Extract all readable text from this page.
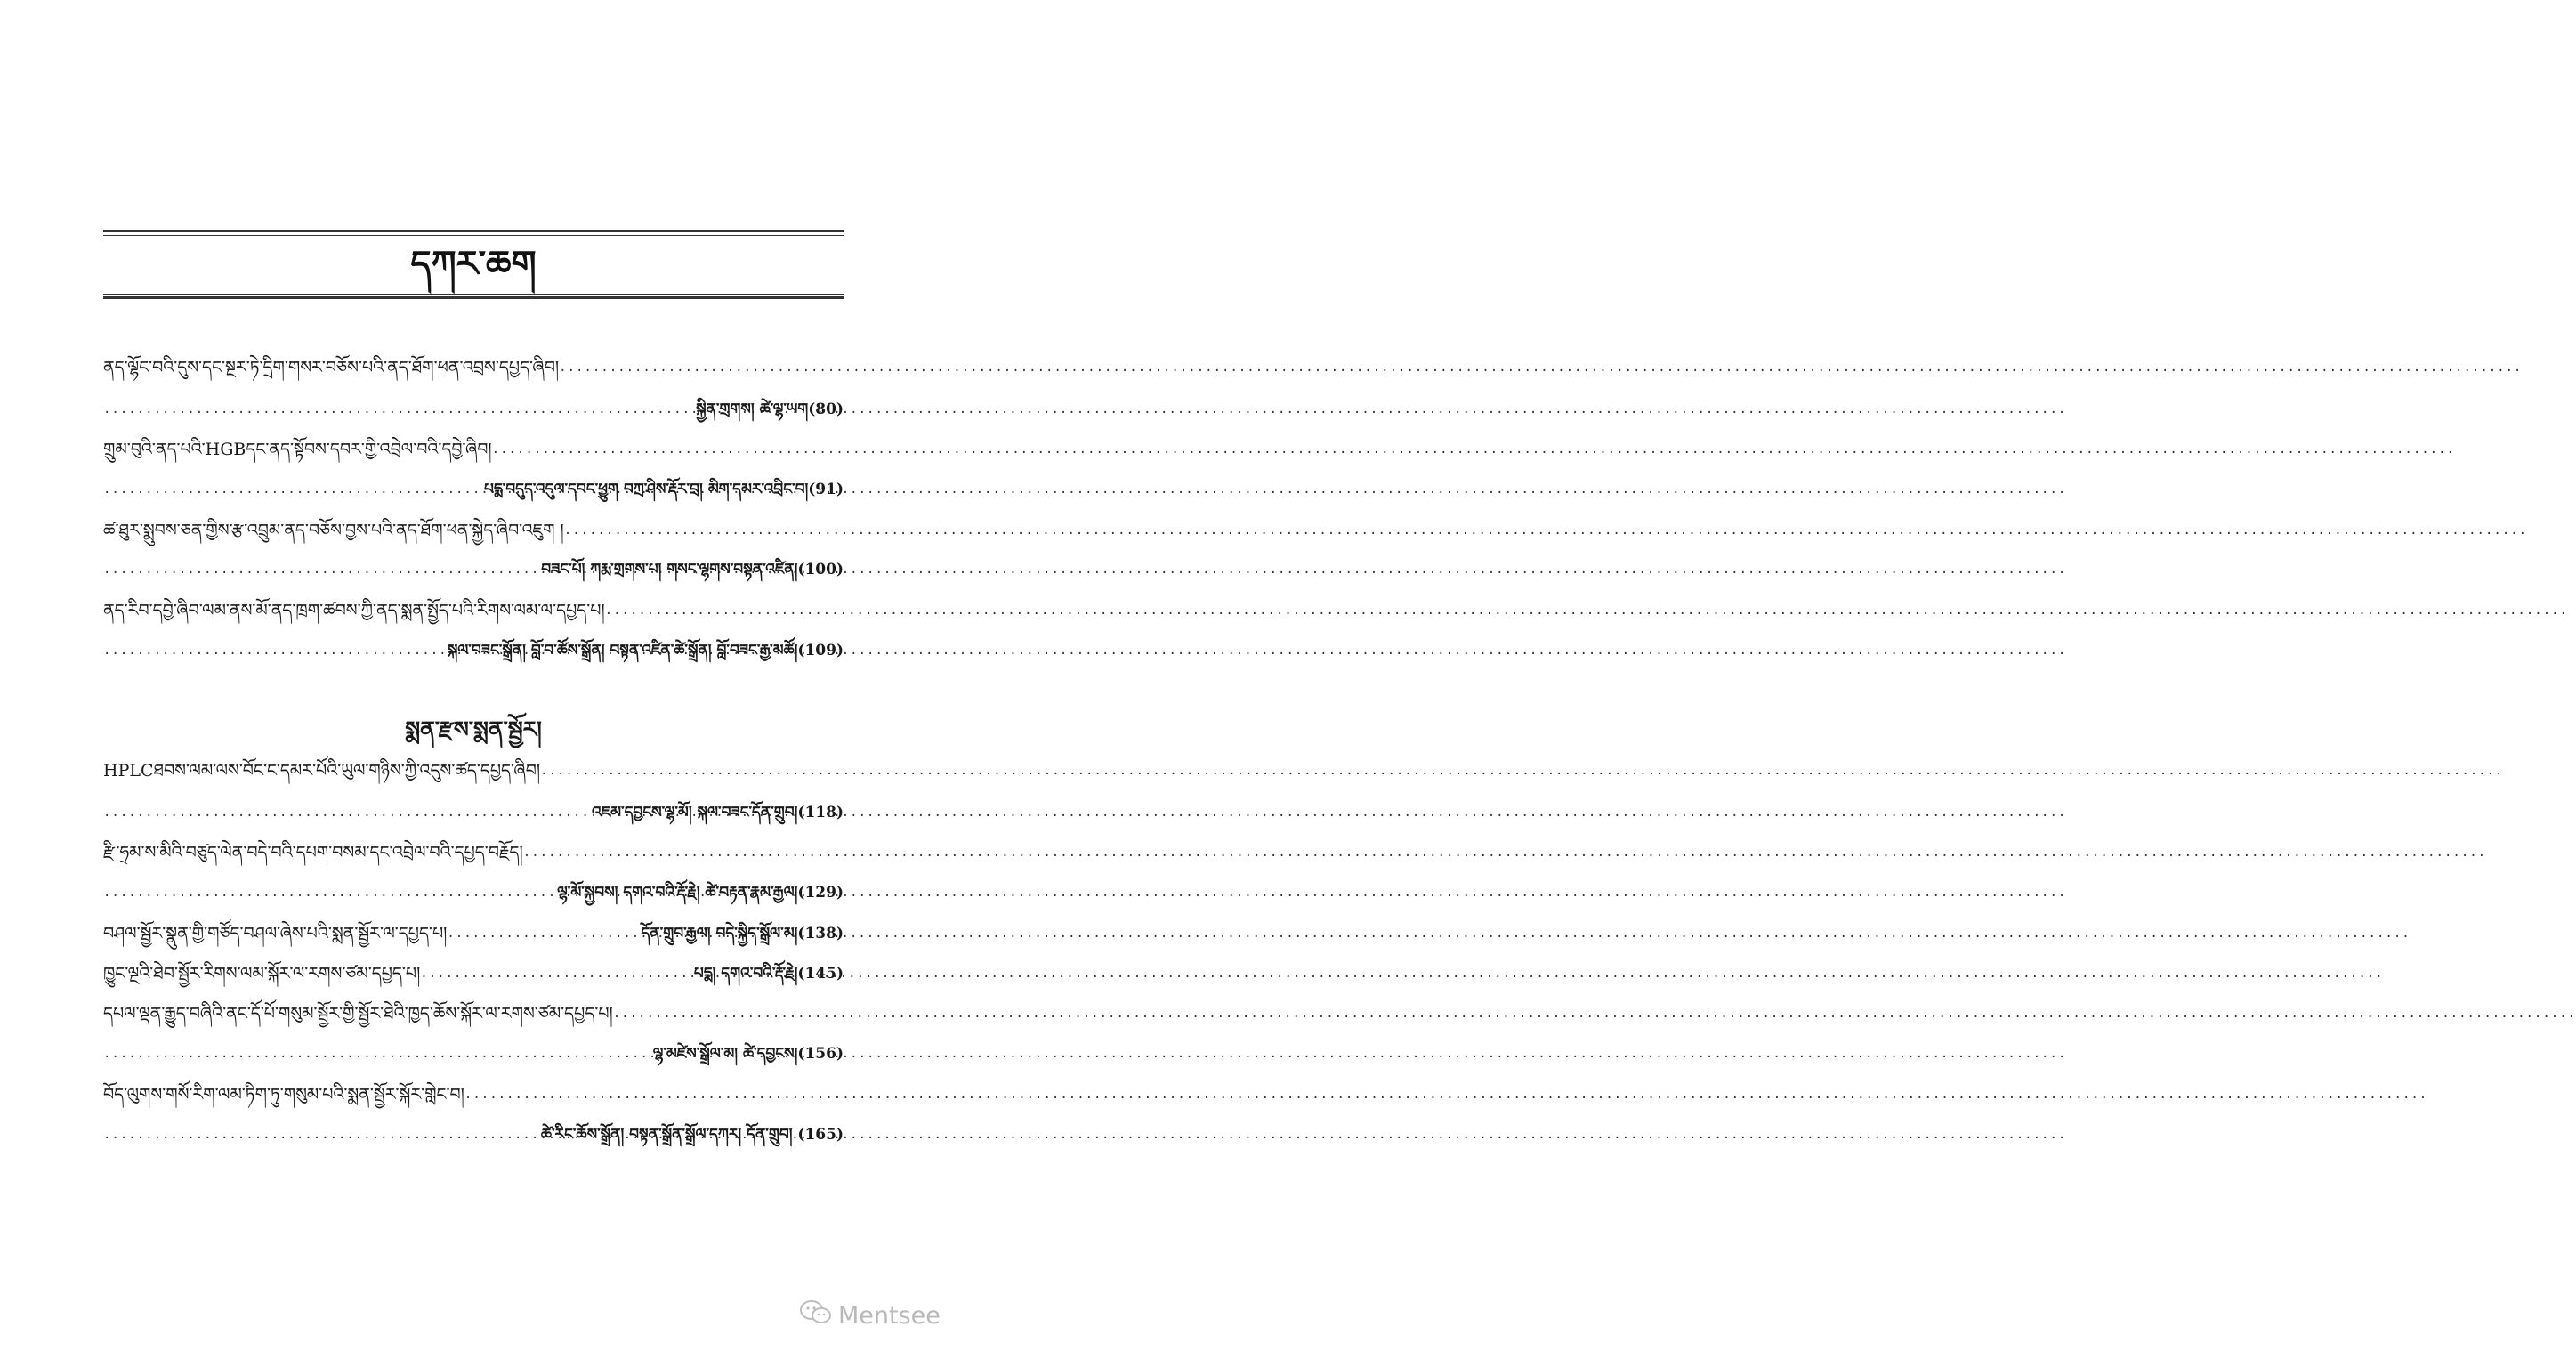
དཀར་ཆག
ནད་ལྷོང་བའི་དུས་དང་སྔར་ཏེ་དྲིག་གསར་བཅོས་པའི་ནད་ཐོག་ཕན་འབྲས་དཔྱད་ཞིབ།
.....
.....
སྐྱིན་གྲགས། ཚེ་ལྷ་ཡག(80)
གྲུམ་བུའི་ནད་པའི་HGBདང་ནད་སྟོབས་དབར་གྱི་འབྲེལ་བའི་དབྱེ་ཞིབ།
.....
.....
པདྨ་བདུད་འདུལ་དབང་ཕྱུག བཀྲ་ཤིས་རྡོར་བྲ། མིག་དམར་འབྲིང་བ།(91)
ཚ་ཐུར་སྨུབས་ཅན་གྱིས་རྩ་འབྲུམ་ནད་བཅོས་བྱས་པའི་ནད་ཐོག་ཕན་སྐྱེད་ཞིབ་འཇུག །
.....
.....
བཟང་པོ། ཀརྨ་གྲགས་པ། གསང་ལྷགས་བསྟན་འཛིན།(100)
ནད་རིབ་དབྱེ་ཞིབ་ལམ་ནས་མོ་ནད་ཁྲག་ཚབས་ཀྱི་ནད་སྨན་སྤྱོད་པའི་རིགས་ལམ་ལ་དཔྱད་པ།
.....
.....
སྐལ་བཟང་སྒྲོན། བློ་བ་ཚོས་སྒྲོན། བསྟན་འཛིན་ཚེ་སྒྲོན། བློ་བཟང་རྒྱ་མཚོ།(109)
སྨན་རྫས་སྨན་སྦྱོར།
HPLCཐབས་ལམ་ལས་བོང་ང་དམར་པོའི་ཡུལ་གཉིས་ཀྱི་འདུས་ཚད་དཔྱད་ཞིབ།
.....
.....
འཇམ་དབྱངས་ལྷ་མོ། སྐལ་བཟང་དོན་གྲུབ།(118)
རྫི་ཧྲམ་ས་མིའི་བཙུད་ལེན་བདེ་བའི་དཔག་བསམ་དང་འབྲེལ་བའི་དཔྱད་བརྗོད།
.....
.....
ལྷ་མོ་སྐྱབས། དགའ་བའི་རྡོ་རྗེ། ཚེ་བརྟན་རྣམ་རྒྱལ།(129)
བཤལ་སྦྱོར་སྣུན་གྱི་གཙོད་བཤལ་ཞེས་པའི་སྨན་སྦྱོར་ལ་དཔྱད་པ། .....	དོན་གྲུབ་རྒྱལ། བདེ་སྐྱིད་སྒྲོལ་མ།(138)
ཁྱུང་ལྔའི་ཐེབ་སྦྱོར་རིགས་ལམ་སྐོར་ལ་རགས་ཙམ་དཔྱད་པ། .....	པདྨ། དགའ་བའི་རྡོ་རྗེ།(145)
དཔལ་ལྡན་རྒྱུད་བཞིའི་ནང་དོ་པོ་གསུམ་སྦྱོར་གྱི་སྦྱོར་ཐེའི་ཁྱད་ཆོས་སྐོར་ལ་རགས་ཙམ་དཔྱད་པ།
.....
.....
ལྷ་མཛེས་སྒྲོལ་མ། ཚེ་དབྱངས།(156)
བོད་ལུགས་གསོ་རིག་ལམ་ཏིག་ཏུ་གསུམ་པའི་སྨན་སྦྱོར་སྐོར་གླེང་བ།
.....
.....
ཚེ་རིང་ཆོས་སྒྲོན། བསྟན་སྒྲོན་སྒྲོལ་དཀར། དོན་གྲུབ། (165)
Mentsee
